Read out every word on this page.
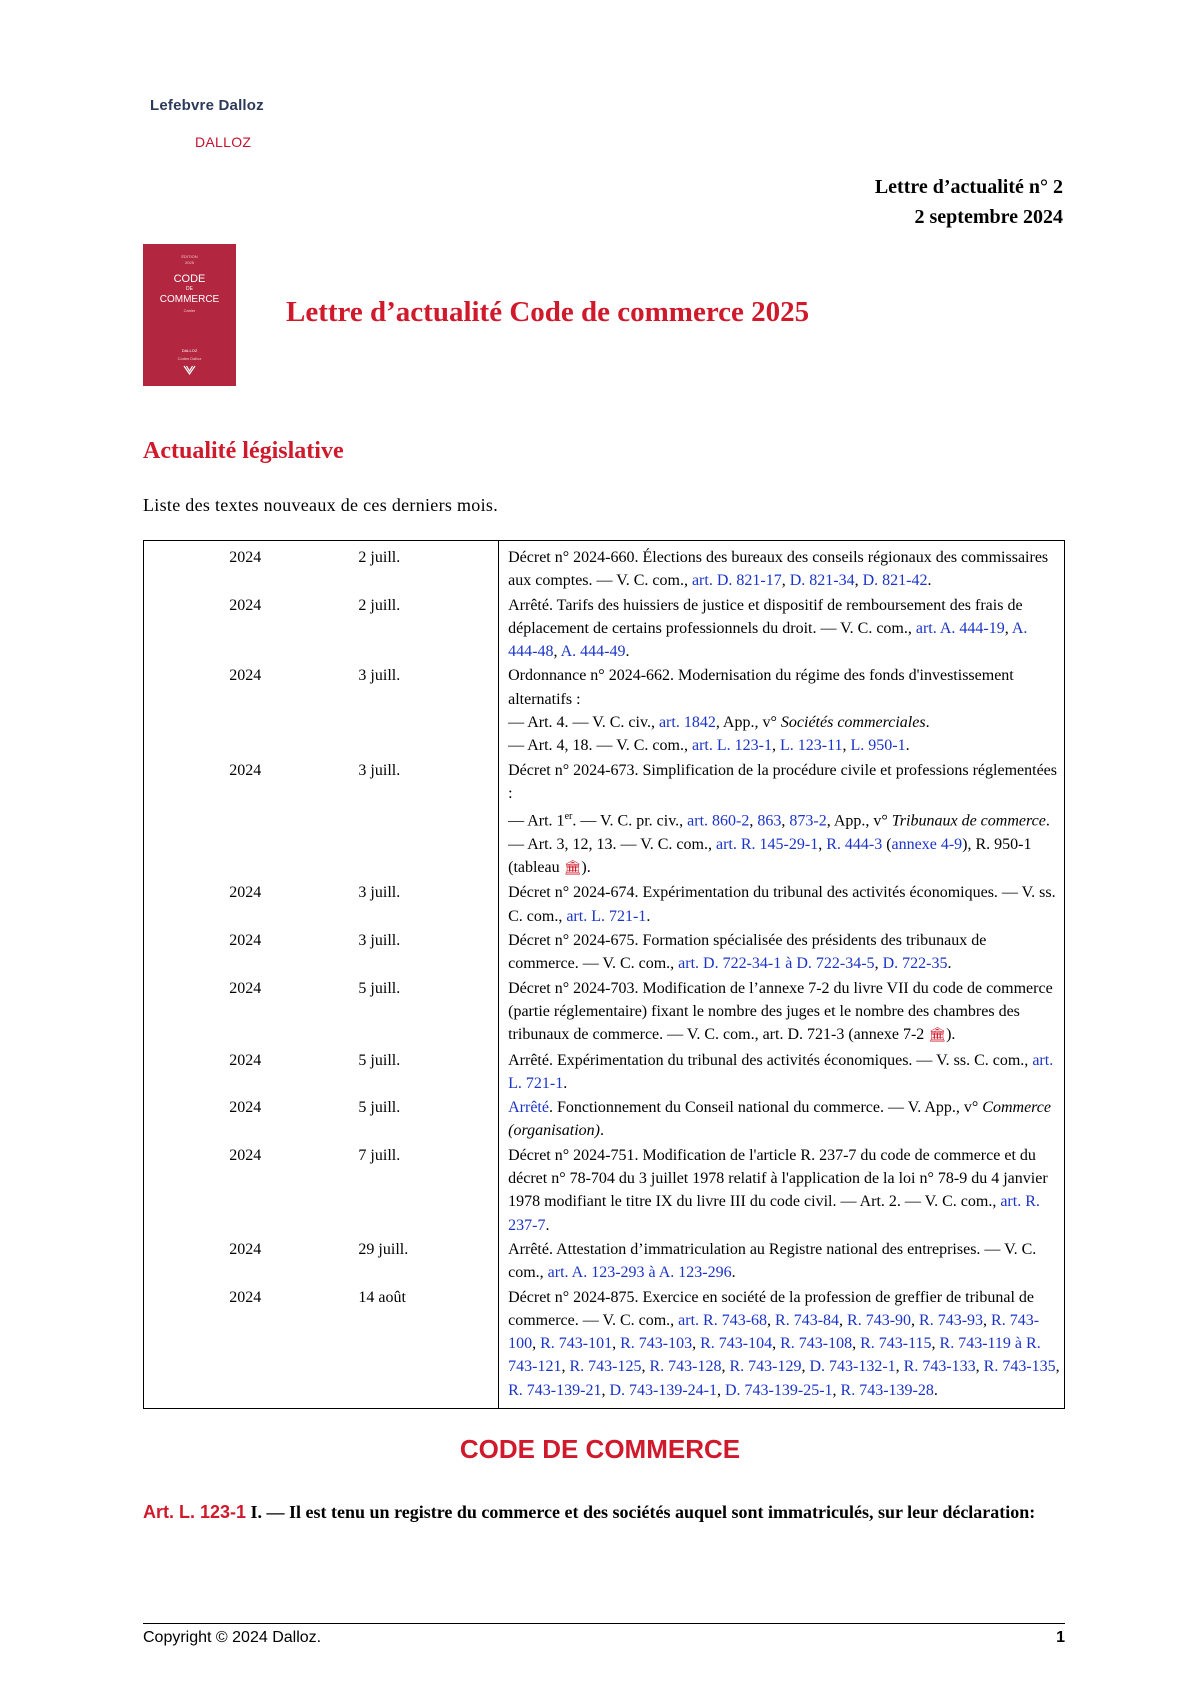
Lefebvre Dalloz
DALLOZ
Lettre d’actualité n° 2
2 septembre 2024
ÉDITION
2025
CODE
DE
COMMERCE
Cahier
DALLOZ
Codes Dalloz
Lettre d’actualité Code de commerce 2025
Actualité législative

Liste des textes nouveaux de ces derniers mois.

2024	2 juill.	Décret n° 2024-660. Élections des bureaux des conseils régionaux des commissaires aux comptes. — V. C. com., art. D. 821-17, D. 821-34, D. 821-42.
2024	2 juill.	Arrêté. Tarifs des huissiers de justice et dispositif de remboursement des frais de déplacement de certains professionnels du droit. — V. C. com., art. A. 444-19, A. 444-48, A. 444-49.
2024	3 juill.	Ordonnance n° 2024-662. Modernisation du régime des fonds d'investissement alternatifs :
— Art. 4. — V. C. civ., art. 1842, App., v° Sociétés commerciales.
— Art. 4, 18. — V. C. com., art. L. 123-1, L. 123-11, L. 950-1.
2024	3 juill.	Décret n° 2024-673. Simplification de la procédure civile et professions réglementées :
— Art. 1er. — V. C. pr. civ., art. 860-2, 863, 873-2, App., v° Tribunaux de commerce.
— Art. 3, 12, 13. — V. C. com., art. R. 145-29-1, R. 444-3 (annexe 4-9), R. 950-1 (tableau 🏛).
2024	3 juill.	Décret n° 2024-674. Expérimentation du tribunal des activités économiques. — V. ss. C. com., art. L. 721-1.
2024	3 juill.	Décret n° 2024-675. Formation spécialisée des présidents des tribunaux de commerce. — V. C. com., art. D. 722-34-1 à D. 722-34-5, D. 722-35.
2024	5 juill.	Décret n° 2024-703. Modification de l’annexe 7-2 du livre VII du code de commerce (partie réglementaire) fixant le nombre des juges et le nombre des chambres des tribunaux de commerce. — V. C. com., art. D. 721-3 (annexe 7-2 🏛).
2024	5 juill.	Arrêté. Expérimentation du tribunal des activités économiques. — V. ss. C. com., art. L. 721-1.
2024	5 juill.	Arrêté. Fonctionnement du Conseil national du commerce. — V. App., v° Commerce (organisation).
2024	7 juill.	Décret n° 2024-751. Modification de l'article R. 237-7 du code de commerce et du décret n° 78-704 du 3 juillet 1978 relatif à l'application de la loi n° 78-9 du 4 janvier 1978 modifiant le titre IX du livre III du code civil. — Art. 2. — V. C. com., art. R. 237-7.
2024	29 juill.	Arrêté. Attestation d’immatriculation au Registre national des entreprises. — V. C. com., art. A. 123-293 à A. 123-296.
2024	14 août	Décret n° 2024-875. Exercice en société de la profession de greffier de tribunal de commerce. — V. C. com., art. R. 743-68, R. 743-84, R. 743-90, R. 743-93, R. 743-100, R. 743-101, R. 743-103, R. 743-104, R. 743-108, R. 743-115, R. 743-119 à R. 743-121, R. 743-125, R. 743-128, R. 743-129, D. 743-132-1, R. 743-133, R. 743-135, R. 743-139-21, D. 743-139-24-1, D. 743-139-25-1, R. 743-139-28.
CODE DE COMMERCE

Art. L. 123-1 I. — Il est tenu un registre du commerce et des sociétés auquel sont immatriculés, sur leur déclaration:

Copyright © 2024 Dalloz.	1
